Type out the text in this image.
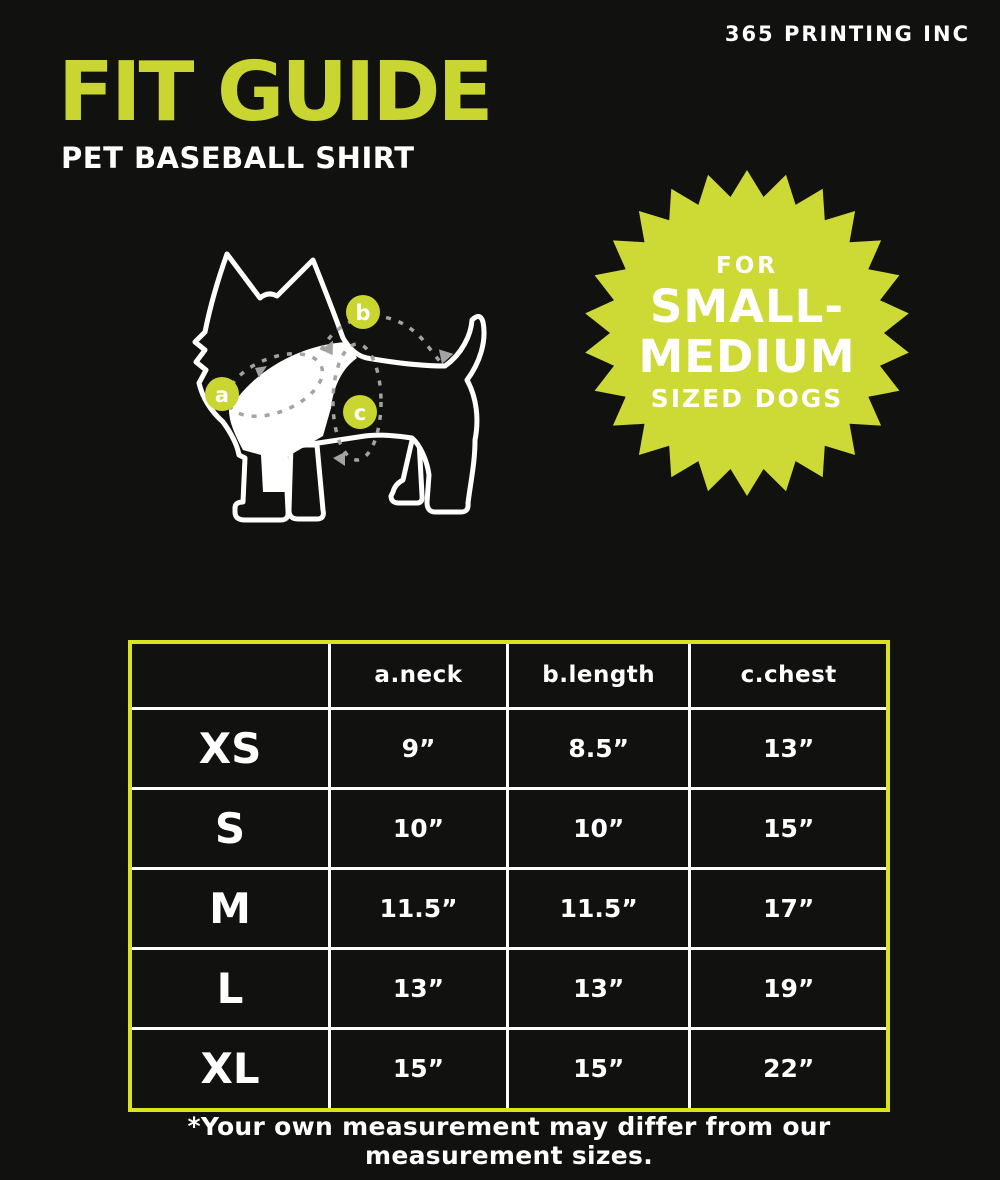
365 PRINTING INC
FIT GUIDE
PET BASEBALL SHIRT
a
b
c
FOR
SMALL-
MEDIUM
SIZED DOGS
	a.neck	b.length	c.chest
XS	9”	8.5”	13”
S	10”	10”	15”
M	11.5”	11.5”	17”
L	13”	13”	19”
XL	15”	15”	22”
*Your own measurement may differ from our measurement sizes.
